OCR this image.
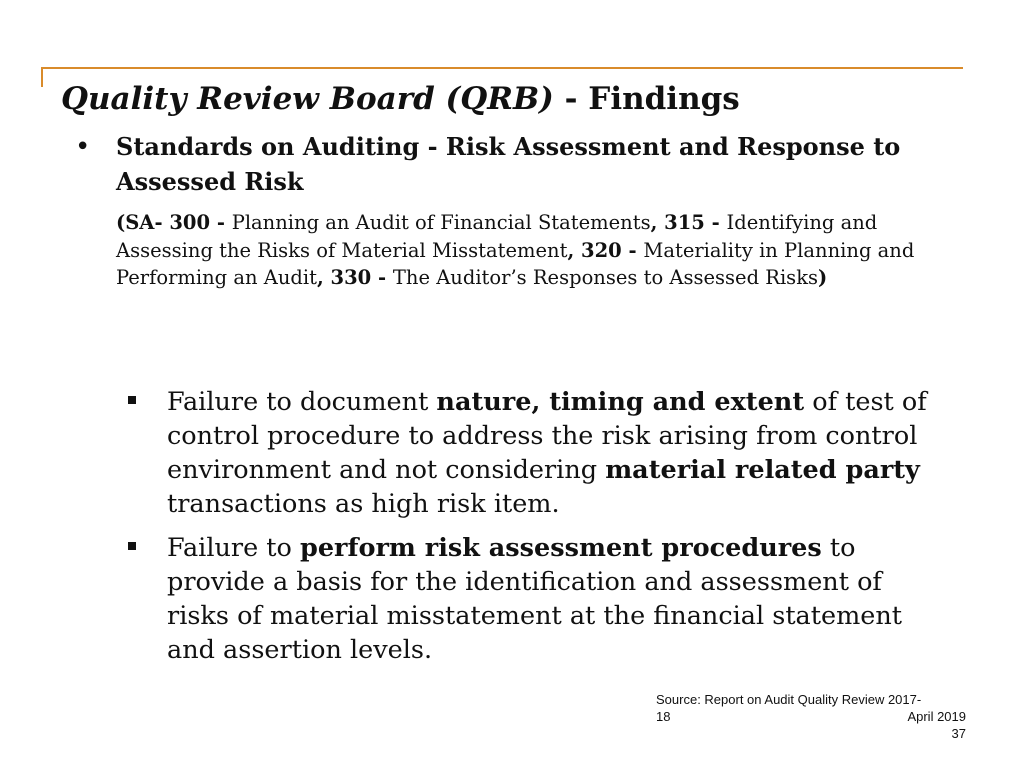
Quality Review Board (QRB) - Findings
• Standards on Auditing - Risk Assessment and Response to Assessed Risk

(SA- 300 - Planning an Audit of Financial Statements, 315 - Identifying and Assessing the Risks of Material Misstatement, 320 - Materiality in Planning and Performing an Audit, 330 - The Auditor’s Responses to Assessed Risks)

Failure to document nature, timing and extent of test of control procedure to address the risk arising from control environment and not considering material related party transactions as high risk item.
Failure to perform risk assessment procedures to provide a basis for the identification and assessment of risks of material misstatement at the financial statement and assertion levels.
Source: Report on Audit Quality Review 2017-
18	April 2019
37
